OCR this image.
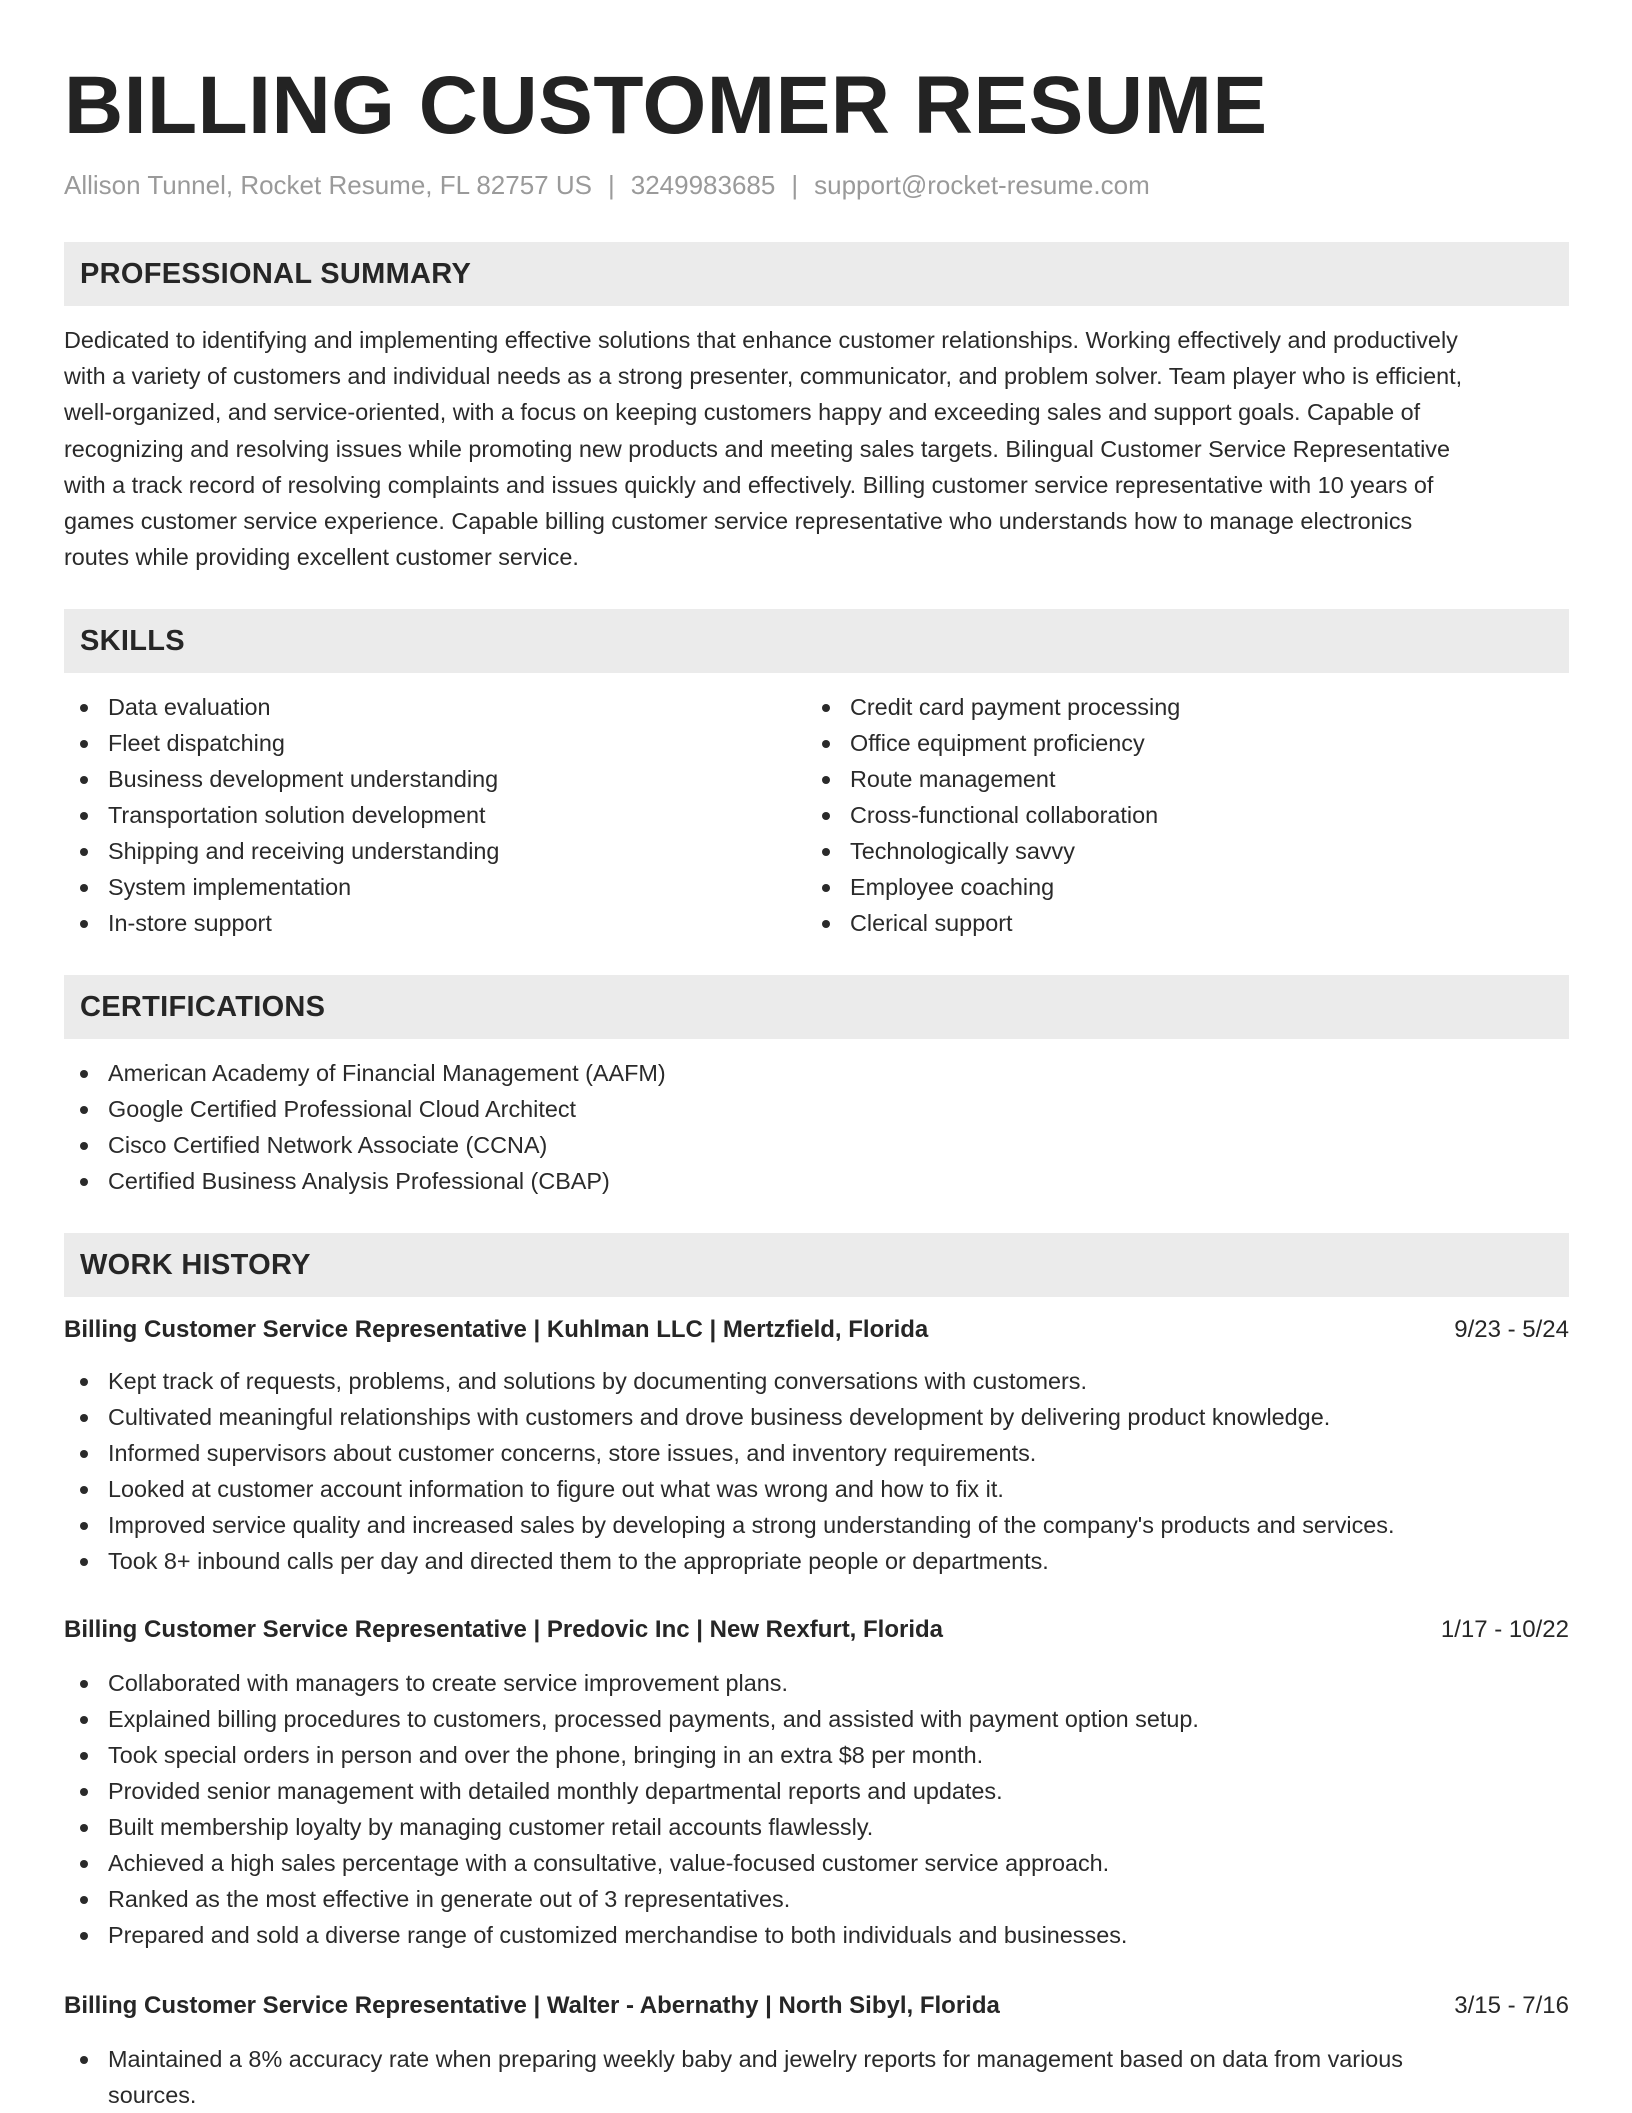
BILLING CUSTOMER RESUME
Allison Tunnel, Rocket Resume, FL 82757 US | 3249983685 | support@rocket-resume.com
PROFESSIONAL SUMMARY
Dedicated to identifying and implementing effective solutions that enhance customer relationships. Working effectively and productively
with a variety of customers and individual needs as a strong presenter, communicator, and problem solver. Team player who is efficient,
well-organized, and service-oriented, with a focus on keeping customers happy and exceeding sales and support goals. Capable of
recognizing and resolving issues while promoting new products and meeting sales targets. Bilingual Customer Service Representative
with a track record of resolving complaints and issues quickly and effectively. Billing customer service representative with 10 years of
games customer service experience. Capable billing customer service representative who understands how to manage electronics
routes while providing excellent customer service.
SKILLS
Data evaluation
Fleet dispatching
Business development understanding
Transportation solution development
Shipping and receiving understanding
System implementation
In-store support
Credit card payment processing
Office equipment proficiency
Route management
Cross-functional collaboration
Technologically savvy
Employee coaching
Clerical support
CERTIFICATIONS
American Academy of Financial Management (AAFM)
Google Certified Professional Cloud Architect
Cisco Certified Network Associate (CCNA)
Certified Business Analysis Professional (CBAP)
WORK HISTORY
Billing Customer Service Representative | Kuhlman LLC | Mertzfield, Florida	9/23 - 5/24
Kept track of requests, problems, and solutions by documenting conversations with customers.
Cultivated meaningful relationships with customers and drove business development by delivering product knowledge.
Informed supervisors about customer concerns, store issues, and inventory requirements.
Looked at customer account information to figure out what was wrong and how to fix it.
Improved service quality and increased sales by developing a strong understanding of the company's products and services.
Took 8+ inbound calls per day and directed them to the appropriate people or departments.
Billing Customer Service Representative | Predovic Inc | New Rexfurt, Florida	1/17 - 10/22
Collaborated with managers to create service improvement plans.
Explained billing procedures to customers, processed payments, and assisted with payment option setup.
Took special orders in person and over the phone, bringing in an extra $8 per month.
Provided senior management with detailed monthly departmental reports and updates.
Built membership loyalty by managing customer retail accounts flawlessly.
Achieved a high sales percentage with a consultative, value-focused customer service approach.
Ranked as the most effective in generate out of 3 representatives.
Prepared and sold a diverse range of customized merchandise to both individuals and businesses.
Billing Customer Service Representative | Walter - Abernathy | North Sibyl, Florida	3/15 - 7/16
Maintained a 8% accuracy rate when preparing weekly baby and jewelry reports for management based on data from various
sources.
